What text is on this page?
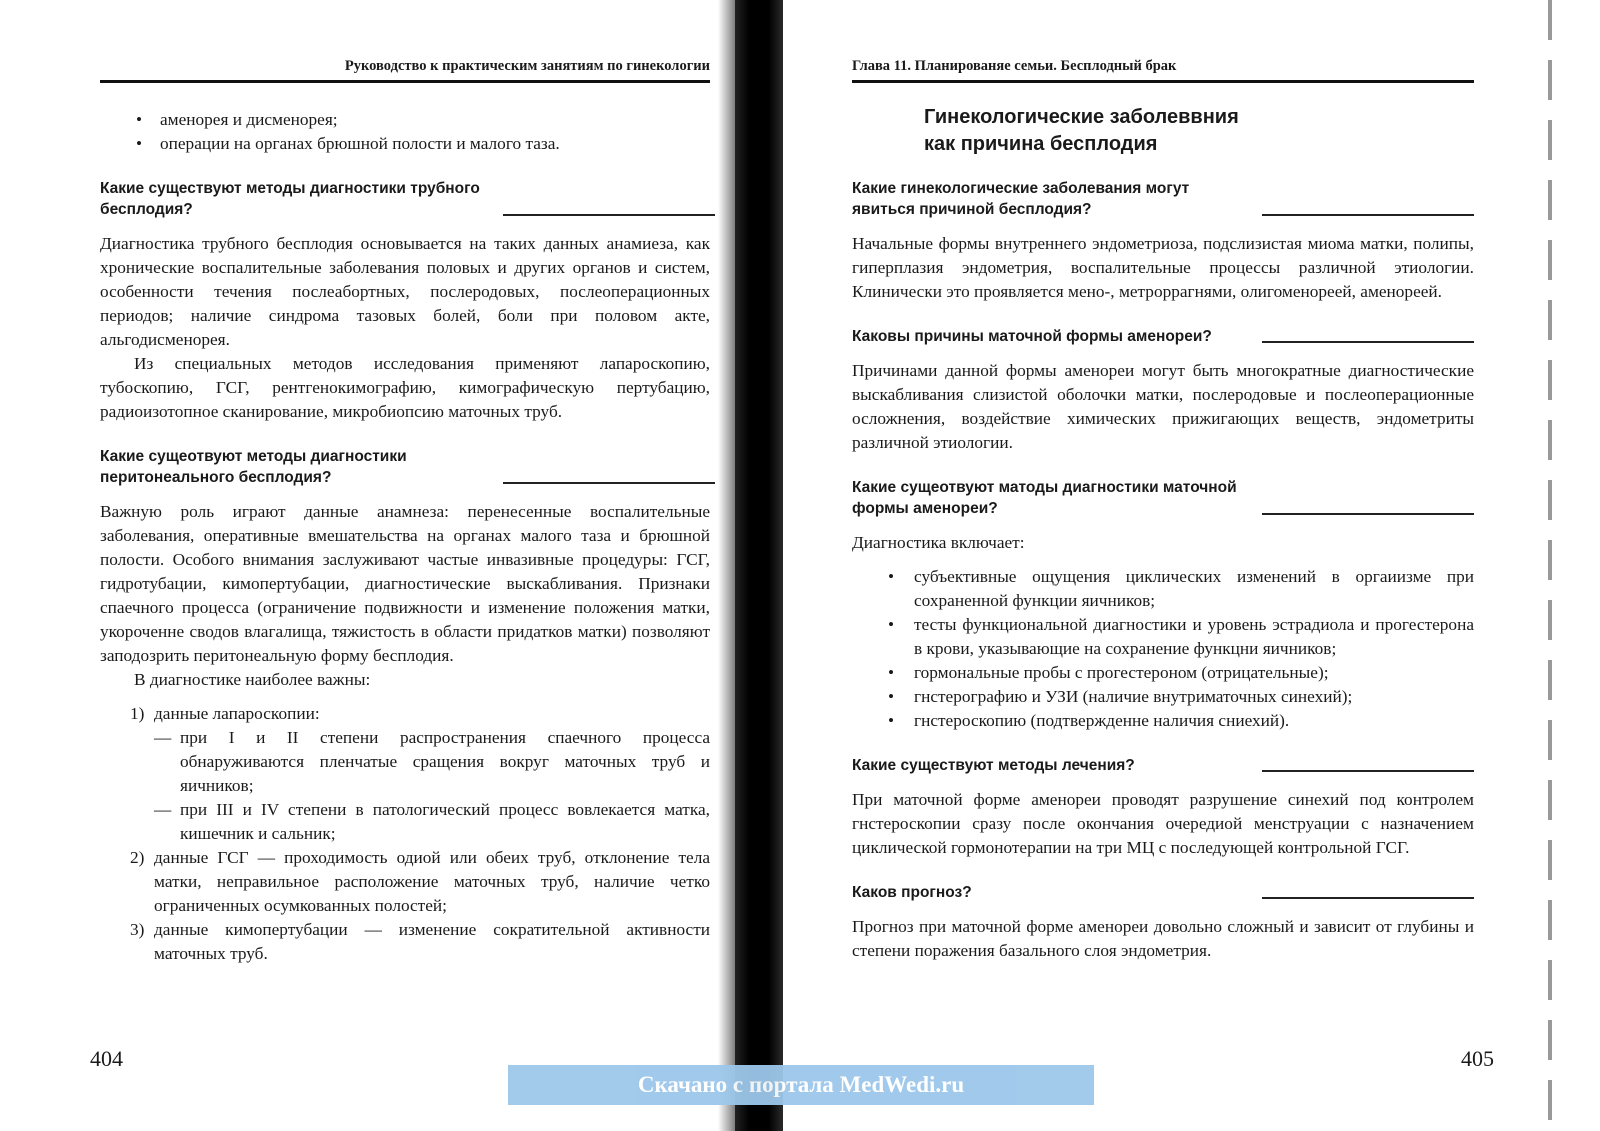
Руководство к практическим занятиям по гинекологии
• аменорея и дисменорея;
• операции на органах брюшной полости и малого таза.
Какие существуют методы диагностики трубного бесплодия?
Диагностика трубного бесплодия основывается на таких данных анамиеза, как хронические воспалительные заболевания половых и других органов и систем, особенности течения послеабортных, послеродовых, послеоперационных периодов; наличие синдрома тазовых болей, боли при половом акте, альгодисменорея.
Из специальных методов исследования применяют лапароскопию, тубоскопию, ГСГ, рентгенокимографию, кимографическую пертубацию, радиоизотопное сканирование, микробиопсию маточных труб.
Какие сущеотвуют методы диагностики перитонеального бесплодия?
Важную роль играют данные анамнеза: перенесенные воспалительные заболевания, оперативные вмешательства на органах малого таза и брюшной полости. Особого внимания заслуживают частые инвазивные процедуры: ГСГ, гидротубации, кимопертубации, диагностические выскабливания. Признаки спаечного процесса (ограничение подвижности и изменение положения матки, укороченне сводов влагалища, тяжистость в области придатков матки) позволяют заподозрить перитонеальную форму бесплодия.
В диагностике наиболее важны:
1) данные лапароскопии:
— при I и II степени распространения спаечного процесса обнаруживаются пленчатые сращения вокруг маточных труб и яичников;
— при III и IV степени в патологический процесс вовлекается матка, кишечник и сальник;
2) данные ГСГ — проходимость одиой или обеих труб, отклонение тела матки, неправильное расположение маточных труб, наличие четко ограниченных осумкованных полостей;
3) данные кимопертубации — изменение сократительной активности маточных труб.
404
Глава 11. Планированяе семьи. Бесплодный брак
Гинекологические заболеввния
как причина бесплодия
Какие гинекологические заболевания могут явиться причиной бесплодия?
Начальные формы внутреннего эндометриоза, подслизистая миома матки, полипы, гиперплазия эндометрия, воспалительные процессы различной этиологии. Клинически это проявляется мено-, метроррагнями, олигоменореей, аменореей.
Каковы причины маточной формы аменореи?
Причинами данной формы аменореи могут быть многократные диагностические выскабливания слизистой оболочки матки, послеродовые и послеоперационные осложнения, воздействие химических прижигающих веществ, эндометриты различной этиологии.
Какие сущеотвуют матоды диагностики маточной формы аменореи?
Диагностика включает:
• субъективные ощущения циклических изменений в оргаиизме при сохраненной функции яичников;
• тесты функциональной диагностики и уровень эстрадиола и прогестерона в крови, указывающие на сохранение функцни яичников;
• гормональные пробы с прогестероном (отрицательные);
• гнстерографию и УЗИ (наличие внутриматочных синехий);
• гнстероскопию (подтвержденне наличия сниехий).
Какие существуют методы лечения?
При маточной форме аменореи проводят разрушение синехий под контролем гнстероскопии сразу после окончания очередиой менструации с назначением циклической гормонотерапии на три МЦ с последующей контрольной ГСГ.
Каков прогноз?
Прогноз при маточной форме аменореи довольно сложный и зависит от глубины и степени поражения базального слоя эндометрия.
405
Скачано с портала MedWedi.ru
